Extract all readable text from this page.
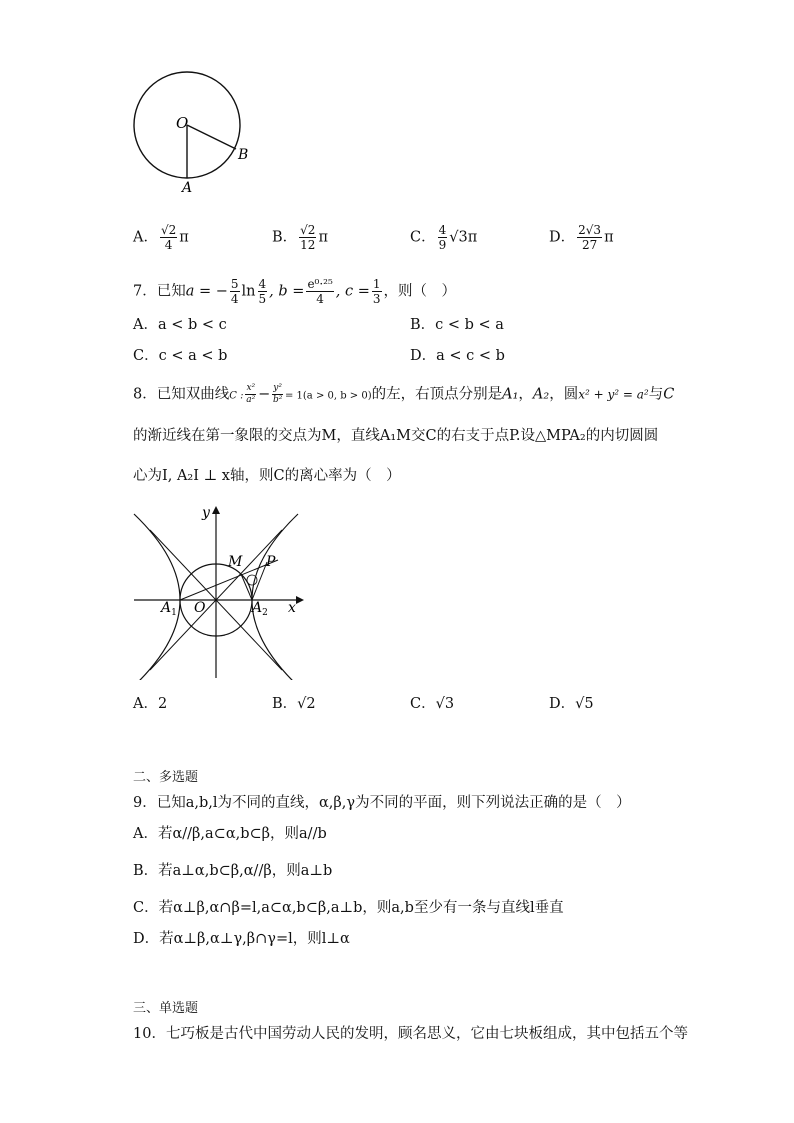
O
B
A
A． $\frac{√2}{4}$ π	B． $\frac{√2}{12}$ π	C． $\frac{4}{9} √3\pi$	D． $\frac{2√3}{27}$ π
7．已知a = − $\frac{5}{4}$ $\ln \frac{4}{5}$ , $b = \frac{\text{e⁰·²⁵}}{4}$ , $c = \frac{1}{3}$ ，则（　）
A．a < b < c	B．c < b < a
C．c < a < b	D．a < c < b
8．已知双曲线C : $\frac{\text{x²}}{\text{a²}} - \frac{\text{y²}}{\text{b²}} = 1(a > 0$, b > 0)的左，右顶点分别是A₁，A₂，圆x² + y² = a²与C
的渐近线在第一象限的交点为M，直线A₁M交C的右支于点P.设△MPA₂的内切圆圆
心为I, A₂I ⊥ x轴，则C的离心率为（　）
y
x
O
M P
$A_1$	$A_2$
A．2	B．√2	C．√3	D．√5
二、多选题
9．已知a,b,l为不同的直线，α,β,γ为不同的平面，则下列说法正确的是（　）
A．若α//β,a⊂α,b⊂β，则a//b
B．若a⊥α,b⊂β,α//β，则a⊥b
C．若α⊥β,α∩β=l,a⊂α,b⊂β,a⊥b，则a,b至少有一条与直线l垂直
D．若α⊥β,α⊥γ,β∩γ=l，则l⊥α
三、单选题
10．七巧板是古代中国劳动人民的发明，顾名思义，它由七块板组成，其中包括五个等
